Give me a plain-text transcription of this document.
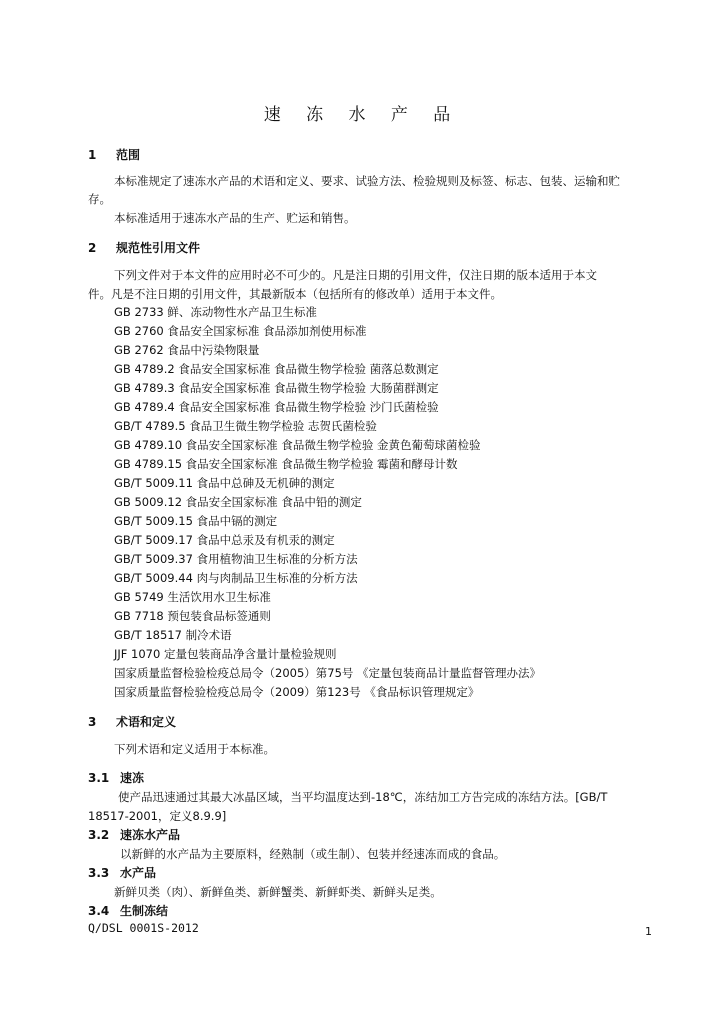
速 冻 水 产 品
1 范围
本标准规定了速冻水产品的术语和定义、要求、试验方法、检验规则及标签、标志、包装、运输和贮
存。
本标准适用于速冻水产品的生产、贮运和销售。
2 规范性引用文件
下列文件对于本文件的应用时必不可少的。凡是注日期的引用文件，仅注日期的版本适用于本文
件。凡是不注日期的引用文件，其最新版本（包括所有的修改单）适用于本文件。
GB 2733 鲜、冻动物性水产品卫生标准
GB 2760 食品安全国家标准 食品添加剂使用标准
GB 2762 食品中污染物限量
GB 4789.2 食品安全国家标准 食品微生物学检验 菌落总数测定
GB 4789.3 食品安全国家标准 食品微生物学检验 大肠菌群测定
GB 4789.4 食品安全国家标准 食品微生物学检验 沙门氏菌检验
GB/T 4789.5 食品卫生微生物学检验 志贺氏菌检验
GB 4789.10 食品安全国家标准 食品微生物学检验 金黄色葡萄球菌检验
GB 4789.15 食品安全国家标准 食品微生物学检验 霉菌和酵母计数
GB/T 5009.11 食品中总砷及无机砷的测定
GB 5009.12 食品安全国家标准 食品中铅的测定
GB/T 5009.15 食品中镉的测定
GB/T 5009.17 食品中总汞及有机汞的测定
GB/T 5009.37 食用植物油卫生标准的分析方法
GB/T 5009.44 肉与肉制品卫生标准的分析方法
GB 5749 生活饮用水卫生标准
GB 7718 预包装食品标签通则
GB/T 18517 制冷术语
JJF 1070 定量包装商品净含量计量检验规则
国家质量监督检验检疫总局令（2005）第75号 《定量包装商品计量监督管理办法》
国家质量监督检验检疫总局令（2009）第123号 《食品标识管理规定》
3 术语和定义
下列术语和定义适用于本标准。
3.1 速冻
使产品迅速通过其最大冰晶区域，当平均温度达到-18℃，冻结加工方告完成的冻结方法。[GB/T
18517-2001，定义8.9.9]
3.2 速冻水产品
以新鲜的水产品为主要原料，经熟制（或生制）、包装并经速冻而成的食品。
3.3 水产品
新鲜贝类（肉）、新鲜鱼类、新鲜蟹类、新鲜虾类、新鲜头足类。
3.4 生制冻结
Q/DSL 0001S-2012	1
